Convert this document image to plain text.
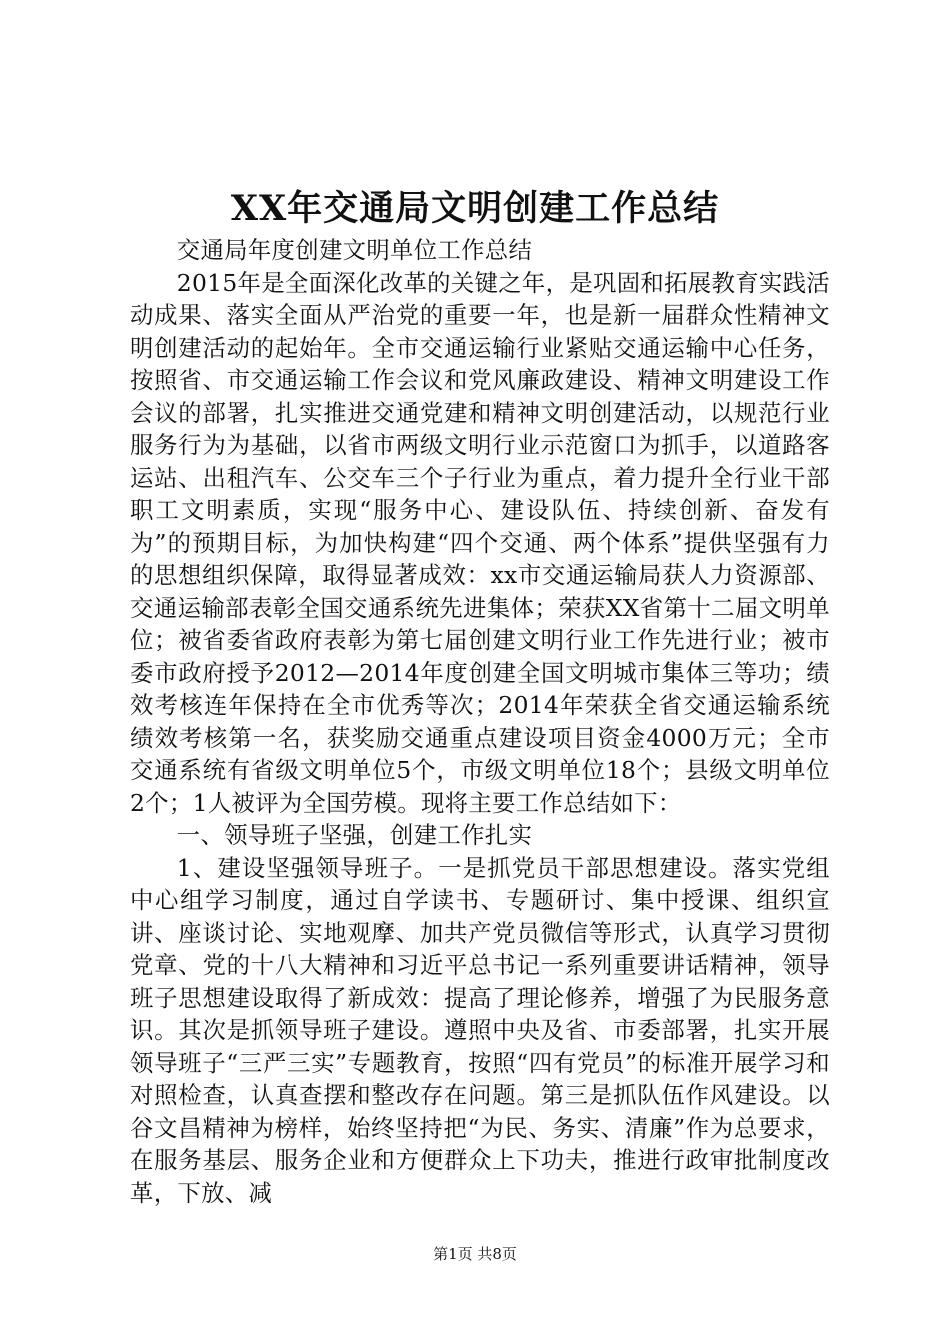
XX年交通局文明创建工作总结

交通局年度创建文明单位工作总结

2015年是全面深化改革的关键之年，是巩固和拓展教育实践活动成果、落实全面从严治党的重要一年，也是新一届群众性精神文明创建活动的起始年。全市交通运输行业紧贴交通运输中心任务，按照省、市交通运输工作会议和党风廉政建设、精神文明建设工作会议的部署，扎实推进交通党建和精神文明创建活动，以规范行业服务行为为基础，以省市两级文明行业示范窗口为抓手，以道路客运站、出租汽车、公交车三个子行业为重点，着力提升全行业干部职工文明素质，实现“服务中心、建设队伍、持续创新、奋发有为”的预期目标，为加快构建“四个交通、两个体系”提供坚强有力的思想组织保障，取得显著成效：xx市交通运输局获人力资源部、交通运输部表彰全国交通系统先进集体；荣获XX省第十二届文明单位；被省委省政府表彰为第七届创建文明行业工作先进行业；被市委市政府授予2012—2014年度创建全国文明城市集体三等功；绩效考核连年保持在全市优秀等次；2014年荣获全省交通运输系统绩效考核第一名，获奖励交通重点建设项目资金4000万元；全市交通系统有省级文明单位5个，市级文明单位18个；县级文明单位2个；1人被评为全国劳模。现将主要工作总结如下：

一、领导班子坚强，创建工作扎实

1、建设坚强领导班子。一是抓党员干部思想建设。落实党组中心组学习制度，通过自学读书、专题研讨、集中授课、组织宣讲、座谈讨论、实地观摩、加共产党员微信等形式，认真学习贯彻党章、党的十八大精神和习近平总书记一系列重要讲话精神，领导班子思想建设取得了新成效：提高了理论修养，增强了为民服务意识。其次是抓领导班子建设。遵照中央及省、市委部署，扎实开展领导班子“三严三实”专题教育，按照“四有党员”的标准开展学习和对照检查，认真查摆和整改存在问题。第三是抓队伍作风建设。以谷文昌精神为榜样，始终坚持把“为民、务实、清廉”作为总要求，在服务基层、服务企业和方便群众上下功夫，推进行政审批制度改革，下放、减

第1页 共8页
